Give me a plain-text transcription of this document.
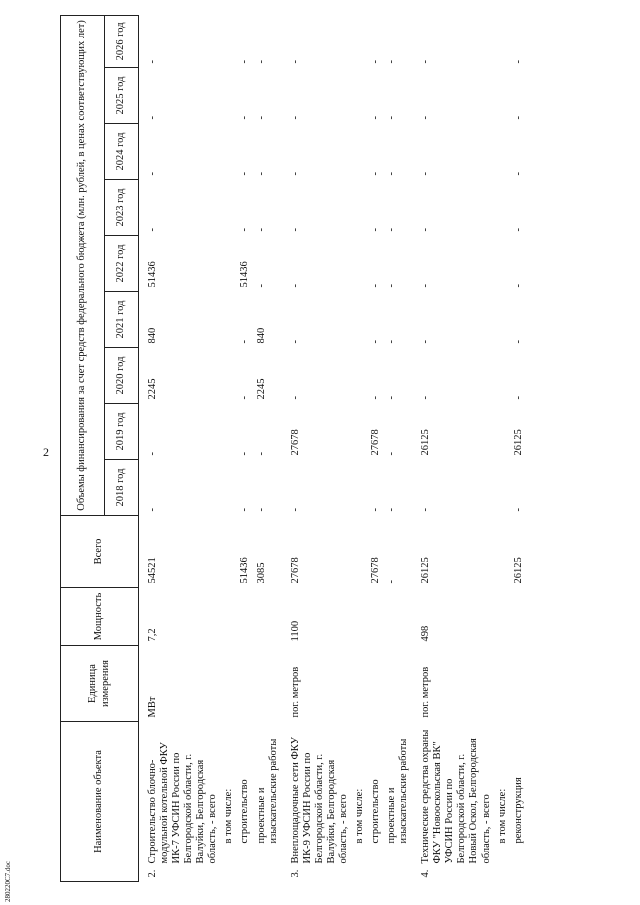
2
280220C7.doc
Наименование объекта		Единица измерения	Мощность	Всего	Объемы финансирования за счет средств федерального бюджета (млн. рублей, в ценах соответствующих лет)								
					2018 год	2019 год	2020 год	2021 год	2022 год	2023 год	2024 год	2025 год	2026 год
2.	Строительство блочно-модульной котельной ФКУ ИК-7 УФСИН России по Белгородской области, г. Валуйки, Белгородская область, - всего	МВт	7,2	54521	-	-	2245	840	51436	-	-	-	-
	в том числе:												
	строительство			51436	-	-	-	-	51436	-	-	-	-
	проектные и изыскательские работы			3085	-	-	2245	840	-	-	-	-	-
3.	Внеплощадочные сети ФКУ ИК-9 УФСИН России по Белгородской области, г. Валуйки, Белгородская область, - всего	пог. метров	1100	27678	-	27678	-	-	-	-	-	-	-
	в том числе:												
	строительство			27678	-	27678	-	-	-	-	-	-	-
	проектные и изыскательские работы			-	-	-	-	-	-	-	-	-	-
4.	Технические средства охраны ФКУ "Новооскольская ВК" УФСИН России по Белгородской области, г. Новый Оскол, Белгородская область, - всего	пог. метров	498	26125	-	26125	-	-	-	-	-	-	-
	в том числе:												
	реконструкция			26125	-	26125	-	-	-	-	-	-	-
